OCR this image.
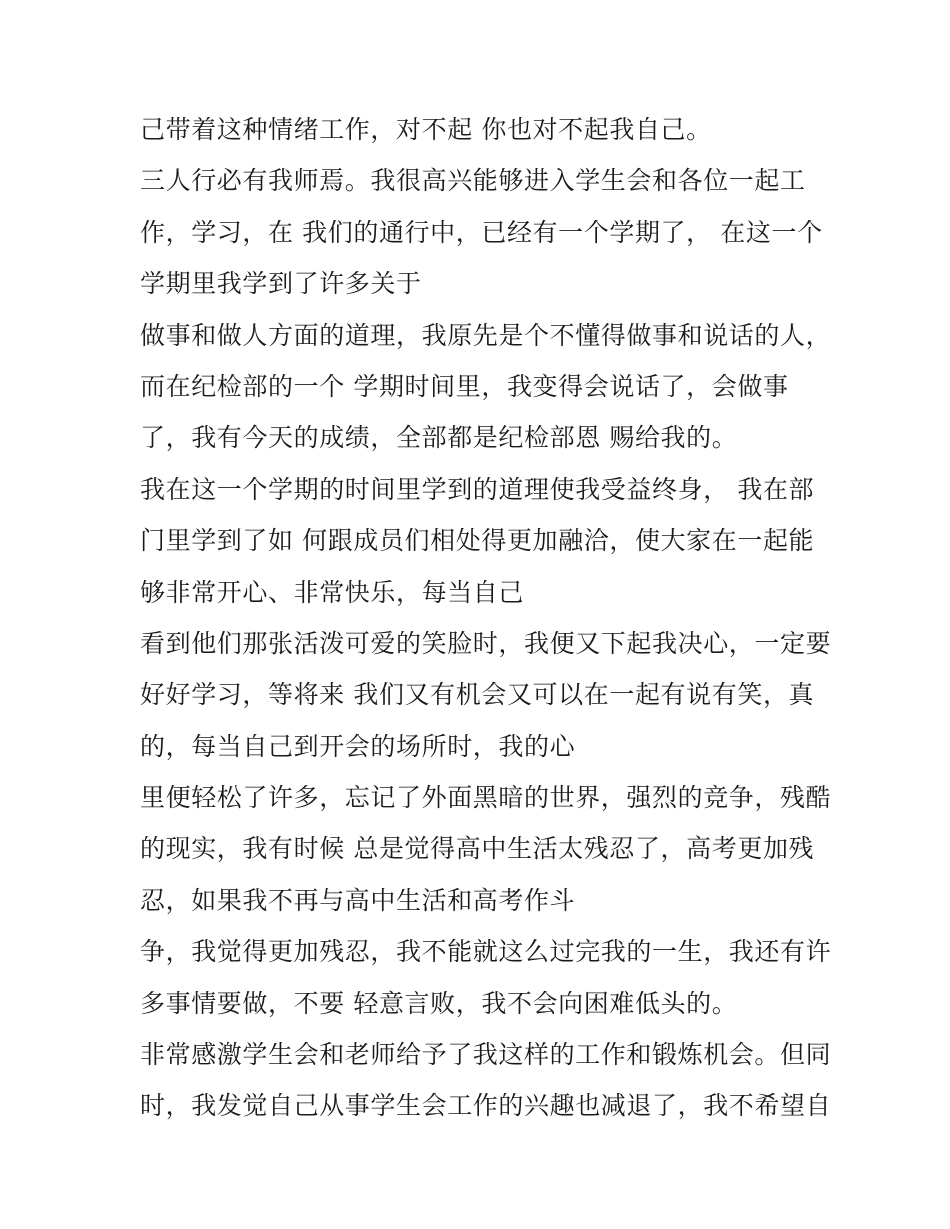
己带着这种情绪工作，对不起 你也对不起我自己。
三人行必有我师焉。我很高兴能够进入学生会和各位一起工
作，学习，在 我们的通行中，已经有一个学期了， 在这一个
学期里我学到了许多关于
做事和做人方面的道理，我原先是个不懂得做事和说话的人，
而在纪检部的一个 学期时间里，我变得会说话了，会做事
了，我有今天的成绩，全部都是纪检部恩 赐给我的。
我在这一个学期的时间里学到的道理使我受益终身， 我在部
门里学到了如 何跟成员们相处得更加融洽，使大家在一起能
够非常开心、非常快乐，每当自己
看到他们那张活泼可爱的笑脸时，我便又下起我决心，一定要
好好学习，等将来 我们又有机会又可以在一起有说有笑，真
的，每当自己到开会的场所时，我的心
里便轻松了许多，忘记了外面黑暗的世界，强烈的竞争，残酷
的现实，我有时候 总是觉得高中生活太残忍了，高考更加残
忍，如果我不再与高中生活和高考作斗
争，我觉得更加残忍，我不能就这么过完我的一生，我还有许
多事情要做，不要 轻意言败，我不会向困难低头的。
非常感激学生会和老师给予了我这样的工作和锻炼机会。但同
时，我发觉自己从事学生会工作的兴趣也减退了，我不希望自
